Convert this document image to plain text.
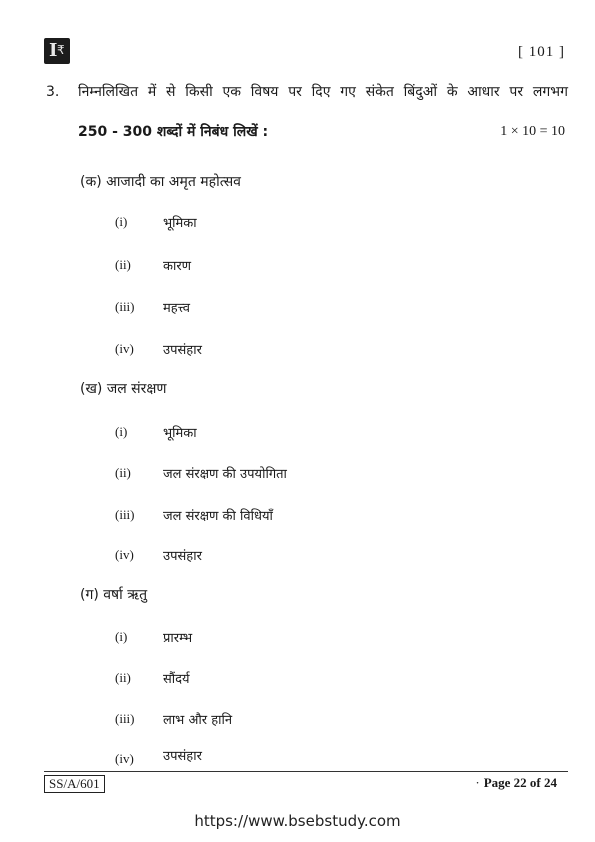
I ₹	[ 101 ]
3. निम्नलिखित में से किसी एक विषय पर दिए गए संकेत बिंदुओं के आधार पर लगभग
250 - 300 शब्दों में निबंध लिखें :	1 × 10 = 10
(क) आजादी का अमृत महोत्सव
(i)	भूमिका
(ii) कारण
(iii) महत्त्व
(iv) उपसंहार
(ख) जल संरक्षण
(i)	भूमिका
(ii) जल संरक्षण की उपयोगिता
(iii) जल संरक्षण की विधियाँ
(iv) उपसंहार
(ग) वर्षा ऋतु
(i)	प्रारम्भ
(ii) सौंदर्य
(iii) लाभ और हानि
(iv) उपसंहार
SS/A/601	· Page 22 of 24
https://www.bsebstudy.com
